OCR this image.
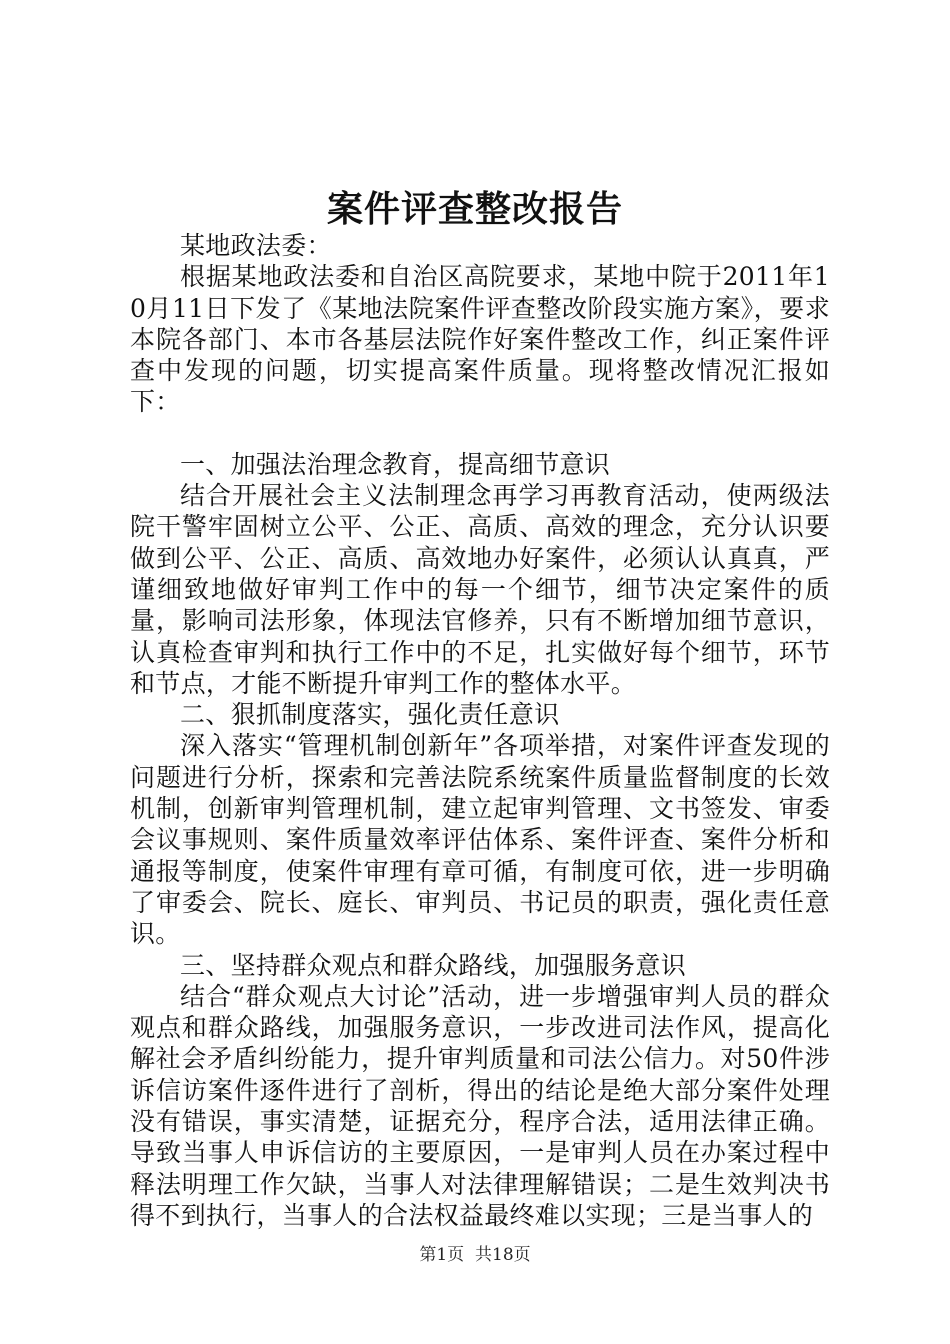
案件评查整改报告

某地政法委：

根据某地政法委和自治区高院要求，某地中院于2011年10月11日下发了《某地法院案件评查整改阶段实施方案》，要求本院各部门、本市各基层法院作好案件整改工作，纠正案件评查中发现的问题，切实提高案件质量。现将整改情况汇报如下：

一、加强法治理念教育，提高细节意识

结合开展社会主义法制理念再学习再教育活动，使两级法院干警牢固树立公平、公正、高质、高效的理念，充分认识要做到公平、公正、高质、高效地办好案件，必须认认真真，严谨细致地做好审判工作中的每一个细节，细节决定案件的质量，影响司法形象，体现法官修养，只有不断增加细节意识，认真检查审判和执行工作中的不足，扎实做好每个细节，环节和节点，才能不断提升审判工作的整体水平。

二、狠抓制度落实，强化责任意识

深入落实“管理机制创新年”各项举措，对案件评查发现的问题进行分析，探索和完善法院系统案件质量监督制度的长效机制，创新审判管理机制，建立起审判管理、文书签发、审委会议事规则、案件质量效率评估体系、案件评查、案件分析和通报等制度，使案件审理有章可循，有制度可依，进一步明确了审委会、院长、庭长、审判员、书记员的职责，强化责任意识。

三、坚持群众观点和群众路线，加强服务意识

结合“群众观点大讨论”活动，进一步增强审判人员的群众观点和群众路线，加强服务意识，一步改进司法作风，提高化解社会矛盾纠纷能力，提升审判质量和司法公信力。对50件涉诉信访案件逐件进行了剖析，得出的结论是绝大部分案件处理没有错误，事实清楚，证据充分，程序合法，适用法律正确。导致当事人申诉信访的主要原因，一是审判人员在办案过程中释法明理工作欠缺，当事人对法律理解错误；二是生效判决书得不到执行，当事人的合法权益最终难以实现；三是当事人的

第1页 共18页
